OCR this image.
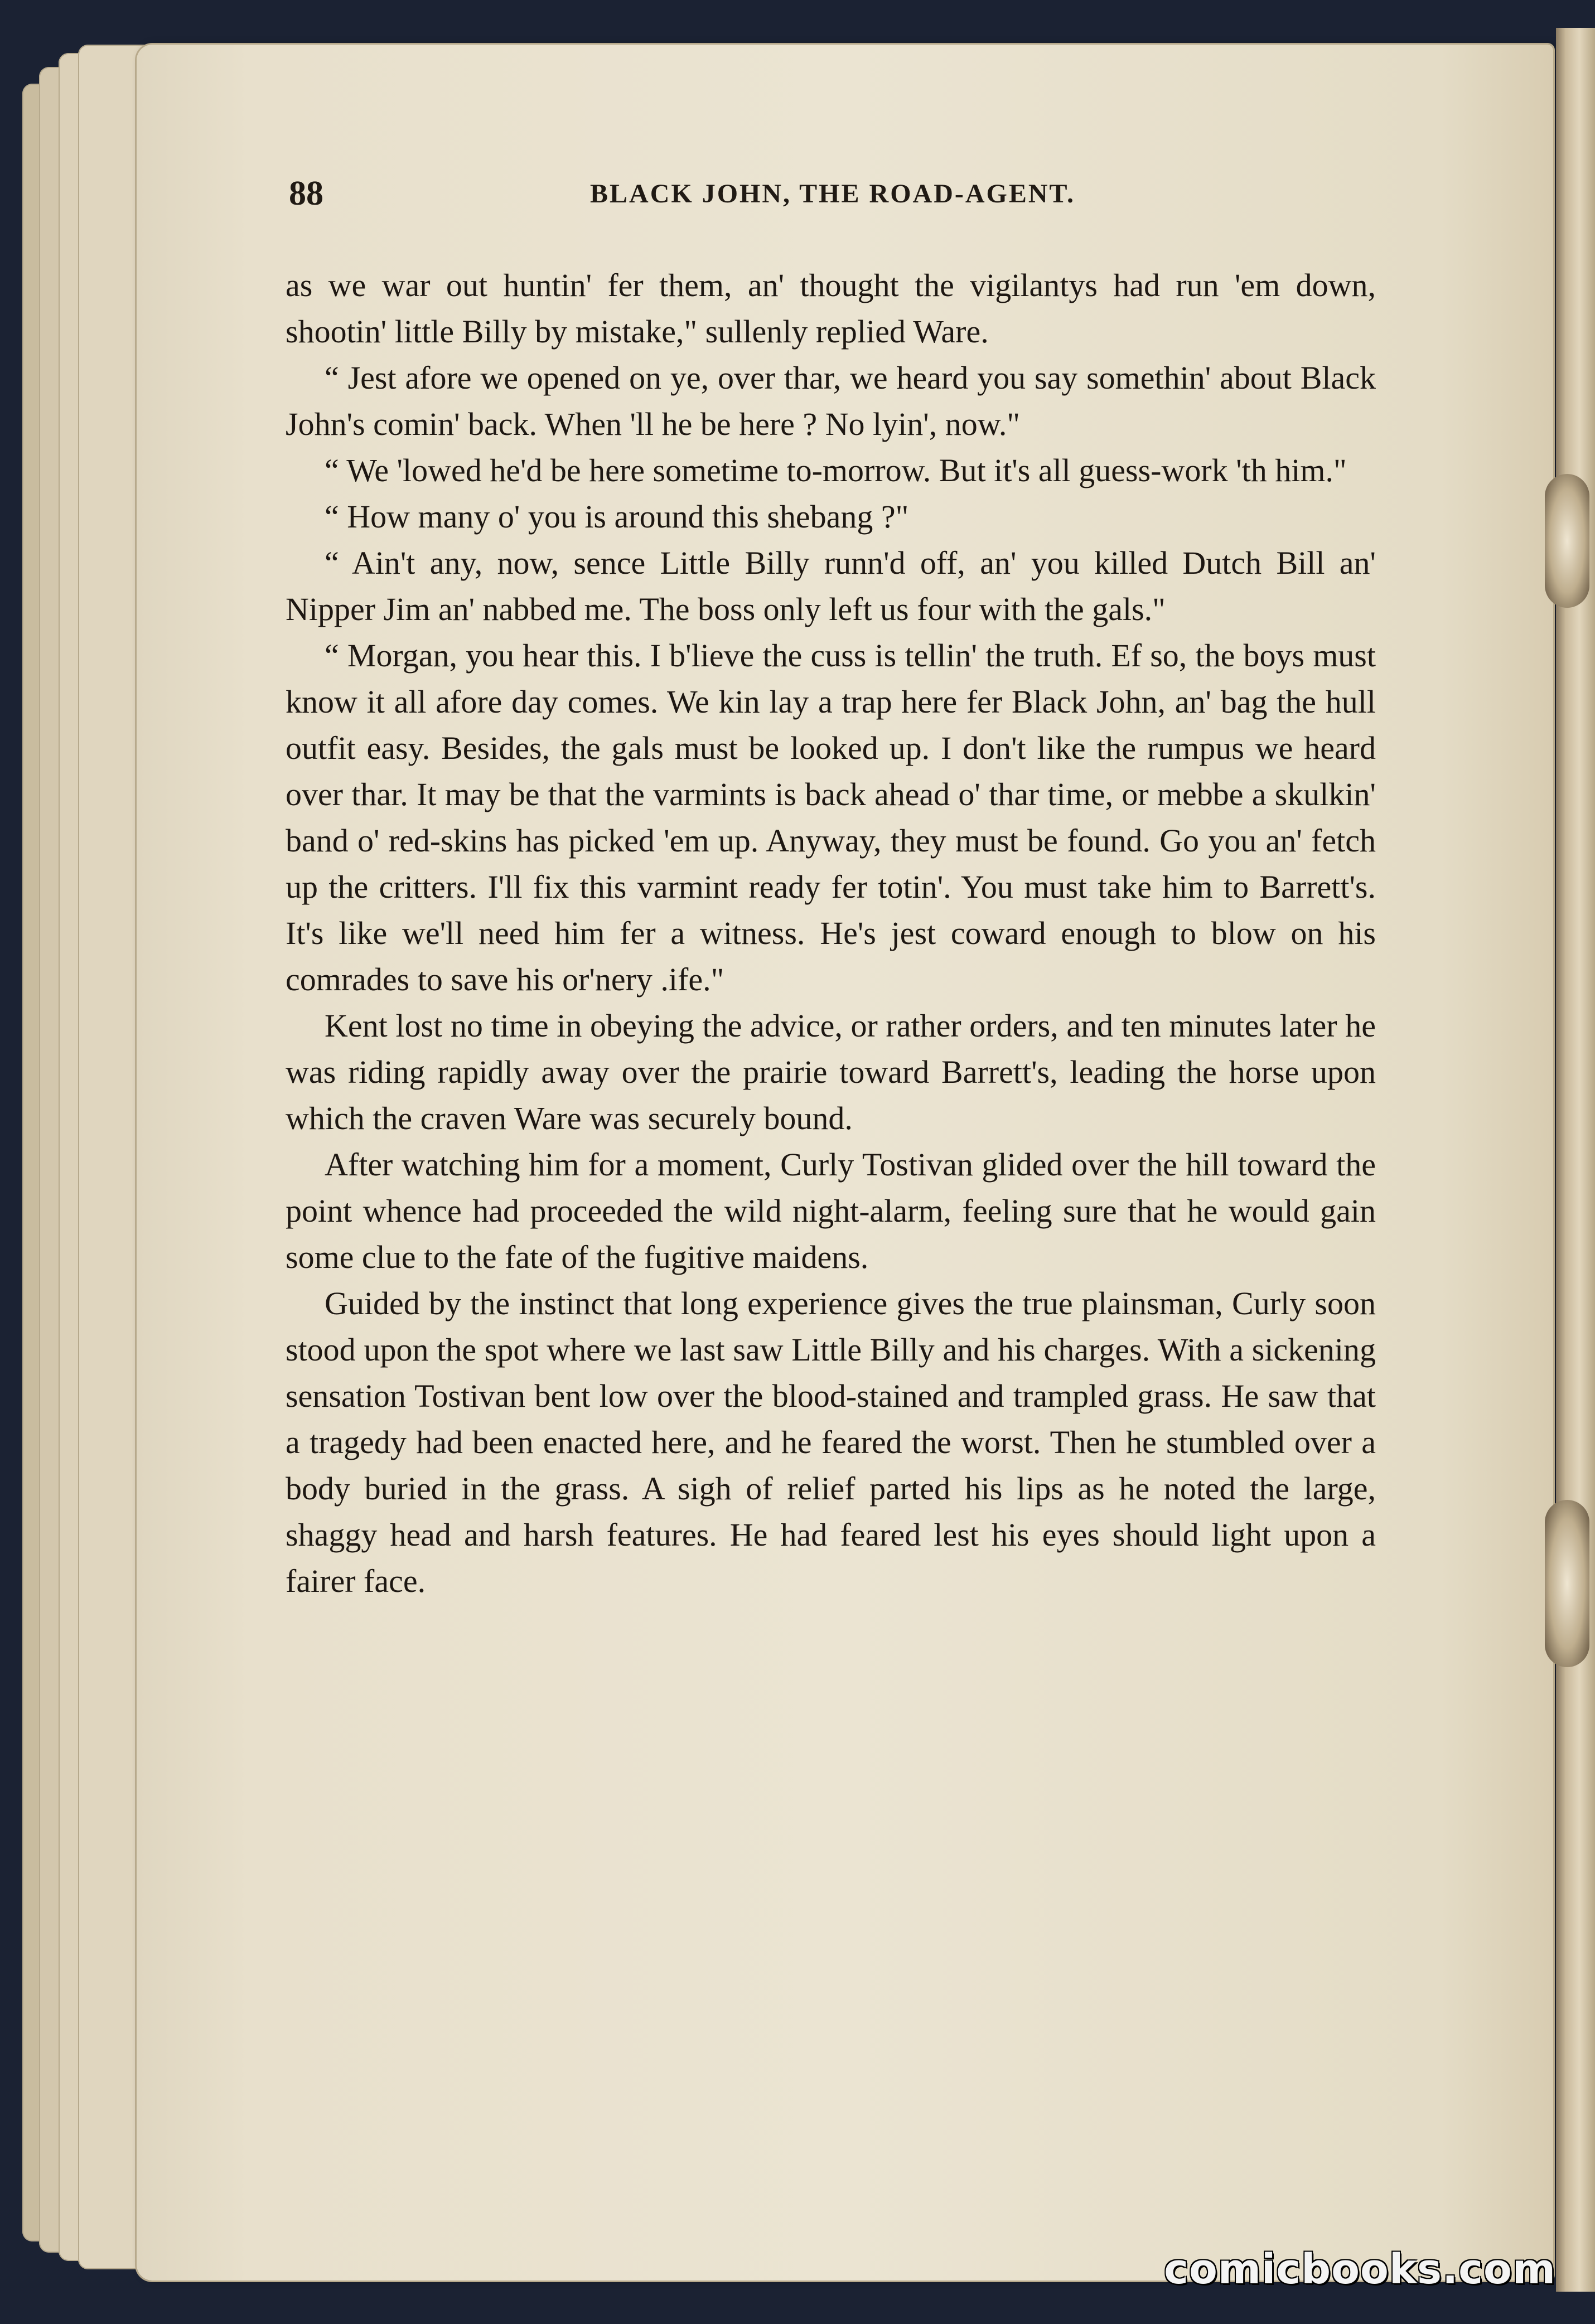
88	BLACK JOHN, THE ROAD-AGENT.

as we war out huntin' fer them, an' thought the vigilantys had run 'em down, shootin' little Billy by mistake," sullenly replied Ware.

“ Jest afore we opened on ye, over thar, we heard you say somethin' about Black John's comin' back. When 'll he be here ? No lyin', now."

“ We 'lowed he'd be here sometime to-morrow. But it's all guess-work 'th him."

“ How many o' you is around this shebang ?"

“ Ain't any, now, sence Little Billy runn'd off, an' you killed Dutch Bill an' Nipper Jim an' nabbed me. The boss only left us four with the gals."

“ Morgan, you hear this. I b'lieve the cuss is tellin' the truth. Ef so, the boys must know it all afore day comes. We kin lay a trap here fer Black John, an' bag the hull outfit easy. Besides, the gals must be looked up. I don't like the rumpus we heard over thar. It may be that the varmints is back ahead o' thar time, or mebbe a skulkin' band o' red-skins has picked 'em up. Anyway, they must be found. Go you an' fetch up the critters. I'll fix this varmint ready fer totin'. You must take him to Barrett's. It's like we'll need him fer a witness. He's jest coward enough to blow on his comrades to save his or'nery .ife."

Kent lost no time in obeying the advice, or rather orders, and ten minutes later he was riding rapidly away over the prairie toward Barrett's, leading the horse upon which the craven Ware was securely bound.

After watching him for a moment, Curly Tostivan glided over the hill toward the point whence had proceeded the wild night-alarm, feeling sure that he would gain some clue to the fate of the fugitive maidens.

Guided by the instinct that long experience gives the true plainsman, Curly soon stood upon the spot where we last saw Little Billy and his charges. With a sickening sensation Tostivan bent low over the blood-stained and trampled grass. He saw that a tragedy had been enacted here, and he feared the worst. Then he stumbled over a body buried in the grass. A sigh of relief parted his lips as he noted the large, shaggy head and harsh features. He had feared lest his eyes should light upon a fairer face.

comicbooks.com
